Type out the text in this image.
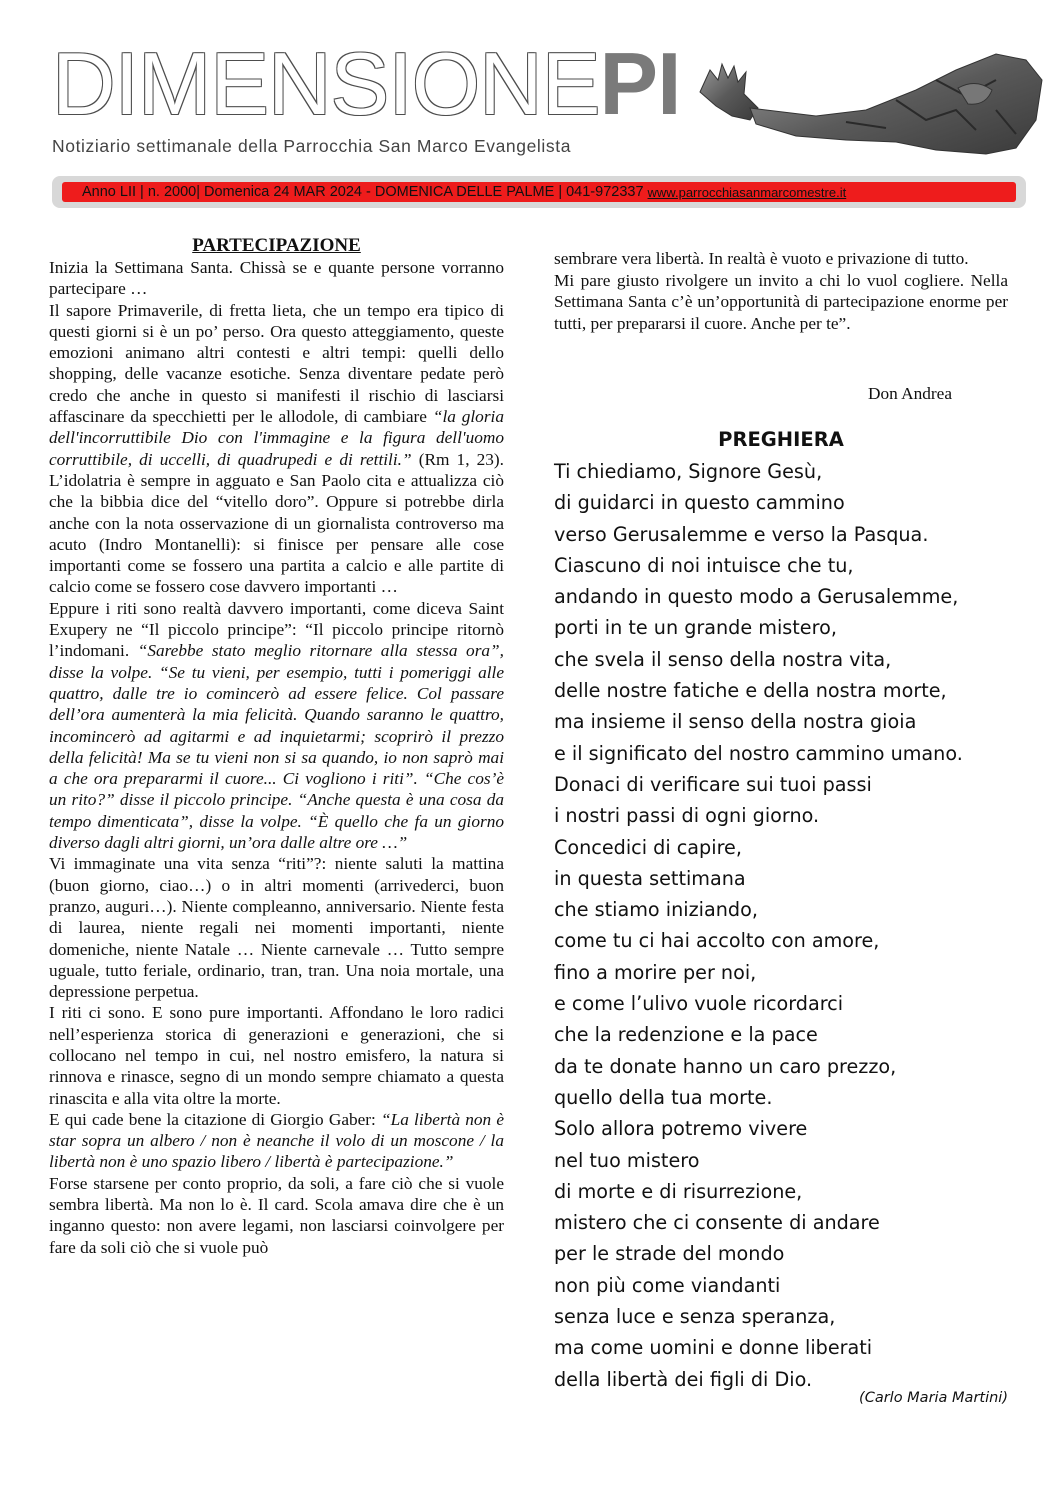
DIMENSIONEPI
Notiziario settimanale della Parrocchia San Marco Evangelista
Anno LII | n. 2000| Domenica 24 MAR 2024 - DOMENICA DELLE PALME | 041-972337 www.parrocchiasanmarcomestre.it
PARTECIPAZIONE

Inizia la Settimana Santa. Chissà se e quante persone vorranno partecipare …

Il sapore Primaverile, di fretta lieta, che un tempo era tipico di questi giorni si è un po’ perso. Ora questo atteggiamento, queste emozioni animano altri contesti e altri tempi: quelli dello shopping, delle vacanze esotiche. Senza diventare pedate però credo che anche in questo si manifesti il rischio di lasciarsi affascinare da specchietti per le allodole, di cambiare “la gloria dell'incorruttibile Dio con l'immagine e la figura dell'uomo corruttibile, di uccelli, di quadrupedi e di rettili.” (Rm 1, 23). L’idolatria è sempre in agguato e San Paolo cita e attualizza ciò che la bibbia dice del “vitello doro”. Oppure si potrebbe dirla anche con la nota osservazione di un giornalista controverso ma acuto (Indro Montanelli): si finisce per pensare alle cose importanti come se fossero una partita a calcio e alle partite di calcio come se fossero cose davvero importanti …

Eppure i riti sono realtà davvero importanti, come diceva Saint Exupery ne “Il piccolo principe”: “Il piccolo principe ritornò l’indomani. “Sarebbe stato meglio ritornare alla stessa ora”, disse la volpe. “Se tu vieni, per esempio, tutti i pomeriggi alle quattro, dalle tre io comincerò ad essere felice. Col passare dell’ora aumenterà la mia felicità. Quando saranno le quattro, incomincerò ad agitarmi e ad inquietarmi; scoprirò il prezzo della felicità! Ma se tu vieni non si sa quando, io non saprò mai a che ora prepararmi il cuore... Ci vogliono i riti”. “Che cos’è un rito?” disse il piccolo principe. “Anche questa è una cosa da tempo dimenticata”, disse la volpe. “È quello che fa un giorno diverso dagli altri giorni, un’ora dalle altre ore …”

Vi immaginate una vita senza “riti”?: niente saluti la mattina (buon giorno, ciao…) o in altri momenti (arrivederci, buon pranzo, auguri…). Niente compleanno, anniversario. Niente festa di laurea, niente regali nei momenti importanti, niente domeniche, niente Natale … Niente carnevale … Tutto sempre uguale, tutto feriale, ordinario, tran, tran. Una noia mortale, una depressione perpetua.

I riti ci sono. E sono pure importanti. Affondano le loro radici nell’esperienza storica di generazioni e generazioni, che si collocano nel tempo in cui, nel nostro emisfero, la natura si rinnova e rinasce, segno di un mondo sempre chiamato a questa rinascita e alla vita oltre la morte.

E qui cade bene la citazione di Giorgio Gaber: “La libertà non è star sopra un albero / non è neanche il volo di un moscone / la libertà non è uno spazio libero / libertà è partecipazione.”

Forse starsene per conto proprio, da soli, a fare ciò che si vuole sembra libertà. Ma non lo è. Il card. Scola amava dire che è un inganno questo: non avere legami, non lasciarsi coinvolgere per fare da soli ciò che si vuole può

sembrare vera libertà. In realtà è vuoto e privazione di tutto.

Mi pare giusto rivolgere un invito a chi lo vuol cogliere. Nella Settimana Santa c’è un’opportunità di partecipazione enorme per tutti, per prepararsi il cuore. Anche per te”.

Don Andrea
PREGHIERA
Ti chiediamo, Signore Gesù,
di guidarci in questo cammino
verso Gerusalemme e verso la Pasqua.
Ciascuno di noi intuisce che tu,
andando in questo modo a Gerusalemme,
porti in te un grande mistero,
che svela il senso della nostra vita,
delle nostre fatiche e della nostra morte,
ma insieme il senso della nostra gioia
e il significato del nostro cammino umano.
Donaci di verificare sui tuoi passi
i nostri passi di ogni giorno.
Concedici di capire,
in questa settimana
che stiamo iniziando,
come tu ci hai accolto con amore,
fino a morire per noi,
e come l’ulivo vuole ricordarci
che la redenzione e la pace
da te donate hanno un caro prezzo,
quello della tua morte.
Solo allora potremo vivere
nel tuo mistero
di morte e di risurrezione,
mistero che ci consente di andare
per le strade del mondo
non più come viandanti
senza luce e senza speranza,
ma come uomini e donne liberati
della libertà dei figli di Dio.
(Carlo Maria Martini)
